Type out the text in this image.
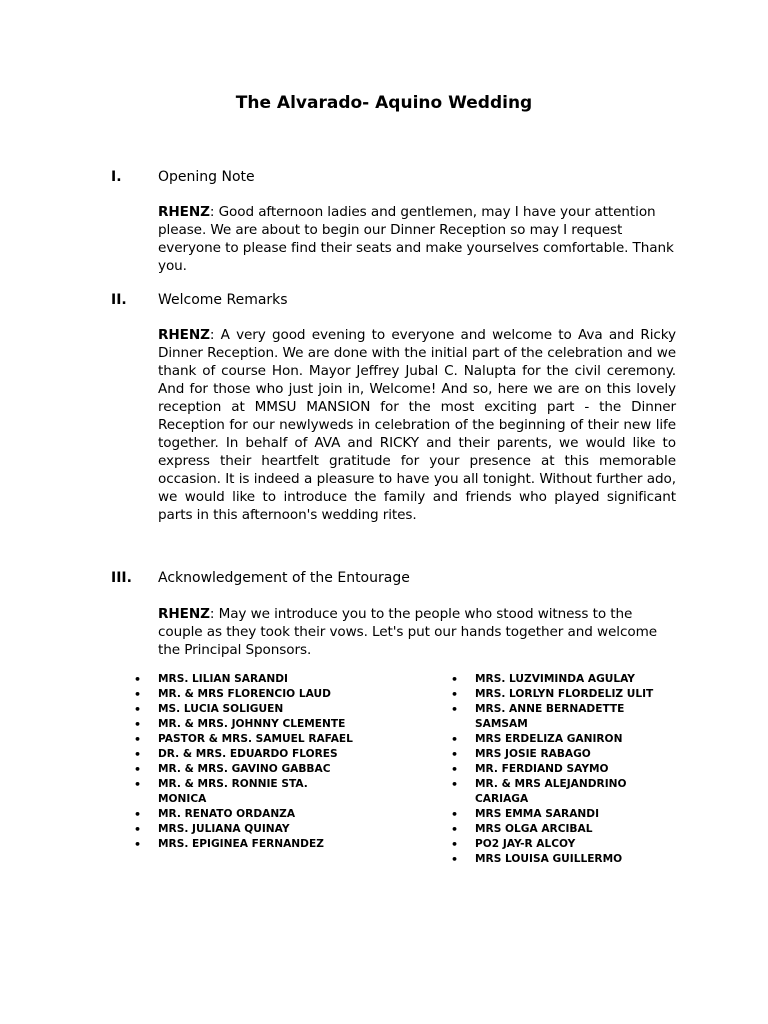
The Alvarado- Aquino Wedding
I.	Opening Note
RHENZ: Good afternoon ladies and gentlemen, may I have your attention please. We are about to begin our Dinner Reception so may I request everyone to please find their seats and make yourselves comfortable. Thank you.
II. Welcome Remarks
RHENZ: A very good evening to everyone and welcome to Ava and Ricky Dinner Reception. We are done with the initial part of the celebration and we thank of course Hon. Mayor Jeffrey Jubal C. Nalupta for the civil ceremony. And for those who just join in, Welcome! And so, here we are on this lovely reception at MMSU MANSION for the most exciting part - the Dinner Reception for our newlyweds in celebration of the beginning of their new life together. In behalf of AVA and RICKY and their parents, we would like to express their heartfelt gratitude for your presence at this memorable occasion. It is indeed a pleasure to have you all tonight. Without further ado, we would like to introduce the family and friends who played significant parts in this afternoon's wedding rites.
III. Acknowledgement of the Entourage
RHENZ: May we introduce you to the people who stood witness to the couple as they took their vows. Let's put our hands together and welcome the Principal Sponsors.
• MRS. LILIAN SARANDI
• MR. & MRS FLORENCIO LAUD
• MS. LUCIA SOLIGUEN
• MR. & MRS. JOHNNY CLEMENTE
• PASTOR & MRS. SAMUEL RAFAEL
• DR. & MRS. EDUARDO FLORES
• MR. & MRS. GAVINO GABBAC
• MR. & MRS. RONNIE STA. MONICA
• MR. RENATO ORDANZA
• MRS. JULIANA QUINAY
• MRS. EPIGINEA FERNANDEZ
• MRS. LUZVIMINDA AGULAY
• MRS. LORLYN FLORDELIZ ULIT
• MRS. ANNE BERNADETTE SAMSAM
• MRS ERDELIZA GANIRON
• MRS JOSIE RABAGO
• MR. FERDIAND SAYMO
• MR. & MRS ALEJANDRINO CARIAGA
• MRS EMMA SARANDI
• MRS OLGA ARCIBAL
• PO2 JAY-R ALCOY
• MRS LOUISA GUILLERMO
